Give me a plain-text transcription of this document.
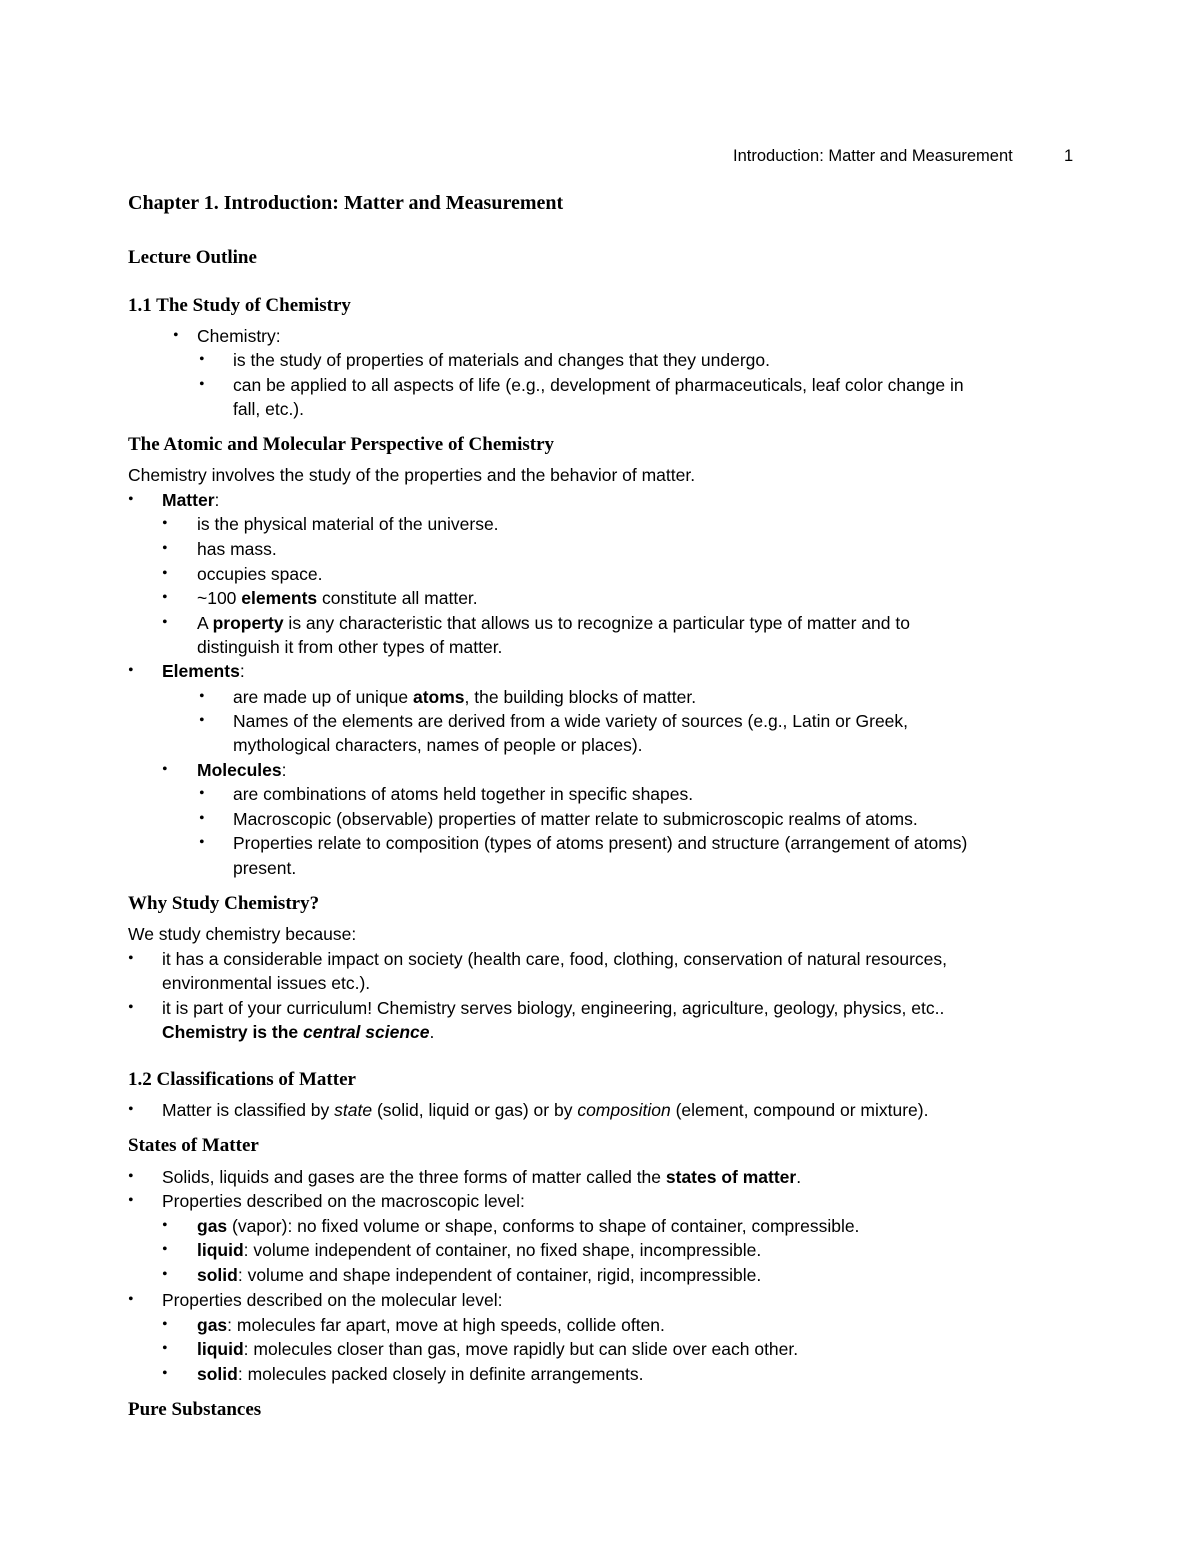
Introduction: Matter and Measurement	1
Chapter 1. Introduction: Matter and Measurement
Lecture Outline
1.1 The Study of Chemistry
• Chemistry:
• is the study of properties of materials and changes that they undergo.
• can be applied to all aspects of life (e.g., development of pharmaceuticals, leaf color change in
fall, etc.).
The Atomic and Molecular Perspective of Chemistry
Chemistry involves the study of the properties and the behavior of matter.
• Matter:
• is the physical material of the universe.
• has mass.
• occupies space.
• ~100 elements constitute all matter.
• A property is any characteristic that allows us to recognize a particular type of matter and to
distinguish it from other types of matter.
• Elements:
• are made up of unique atoms, the building blocks of matter.
• Names of the elements are derived from a wide variety of sources (e.g., Latin or Greek,
mythological characters, names of people or places).
• Molecules:
• are combinations of atoms held together in specific shapes.
• Macroscopic (observable) properties of matter relate to submicroscopic realms of atoms.
• Properties relate to composition (types of atoms present) and structure (arrangement of atoms)
present.
Why Study Chemistry?
We study chemistry because:
• it has a considerable impact on society (health care, food, clothing, conservation of natural resources,
environmental issues etc.).
• it is part of your curriculum! Chemistry serves biology, engineering, agriculture, geology, physics, etc..
Chemistry is the central science.
1.2 Classifications of Matter
• Matter is classified by state (solid, liquid or gas) or by composition (element, compound or mixture).
States of Matter
• Solids, liquids and gases are the three forms of matter called the states of matter.
• Properties described on the macroscopic level:
• gas (vapor): no fixed volume or shape, conforms to shape of container, compressible.
• liquid: volume independent of container, no fixed shape, incompressible.
• solid: volume and shape independent of container, rigid, incompressible.
• Properties described on the molecular level:
• gas: molecules far apart, move at high speeds, collide often.
• liquid: molecules closer than gas, move rapidly but can slide over each other.
• solid: molecules packed closely in definite arrangements.
Pure Substances
